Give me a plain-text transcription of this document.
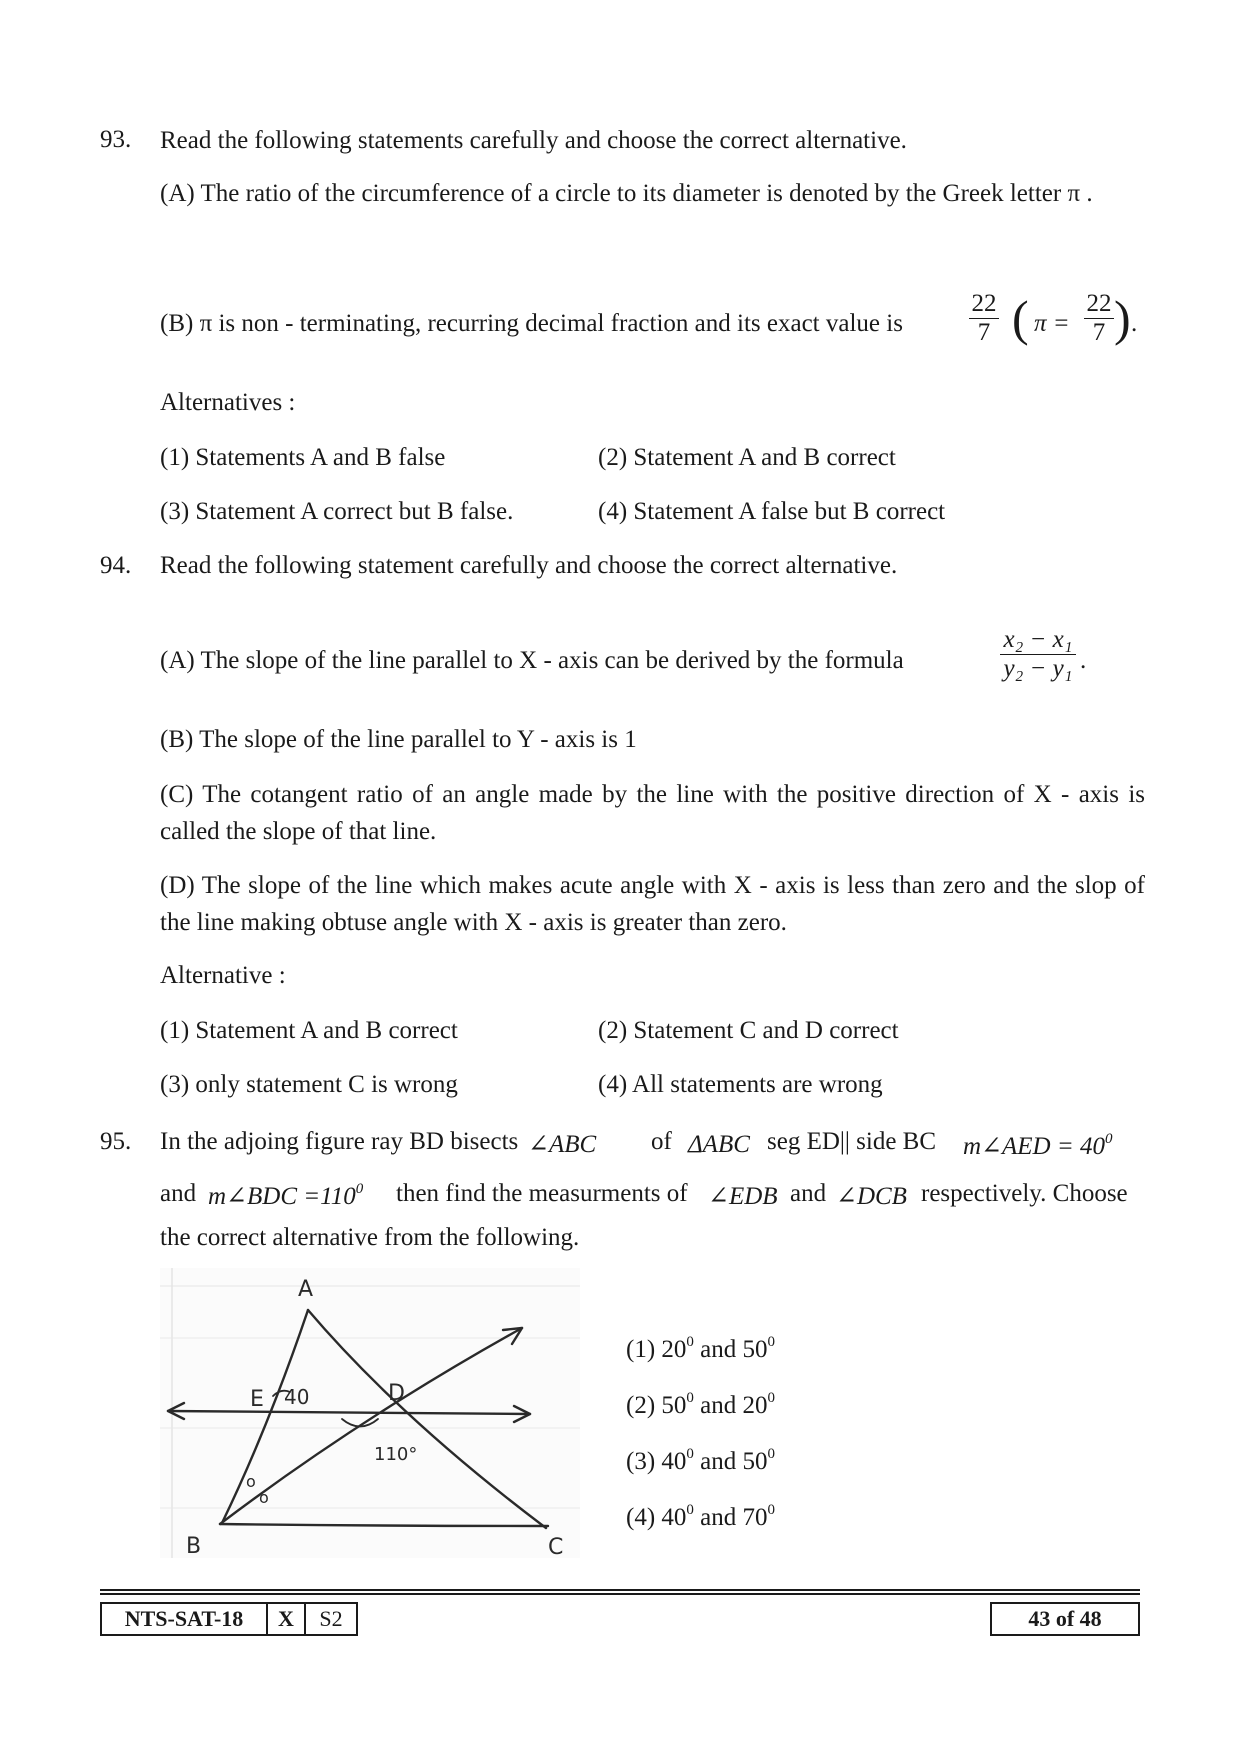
93. Read the following statements carefully and choose the correct alternative.
(A) The ratio of the circumference of a circle to its diameter is denoted by the Greek letter π .
(B) π is non - terminating, recurring decimal fraction and its exact value is	$\frac{22}{7}$ ( $\pi = \frac{22}{7}$ ) .
Alternatives :
(1) Statements A and B false	(2) Statement A and B correct
(3) Statement A correct but B false.	(4) Statement A false but B correct
94. Read the following statement carefully and choose the correct alternative.
(A) The slope of the line parallel to X - axis can be derived by the formula	$\frac{\text{x₂ − x₁}}{\text{y₂ − y₁}}$ .
(B) The slope of the line parallel to Y - axis is 1
(C) The cotangent ratio of an angle made by the line with the positive direction of X - axis is called the slope of that line.
(D) The slope of the line which makes acute angle with X - axis is less than zero and the slop of the line making obtuse angle with X - axis is greater than zero.
Alternative :
(1) Statement A and B correct	(2) Statement C and D correct
(3) only statement C is wrong	(4) All statements are wrong
95. In the adjoing figure ray BD bisects ∠ABC of ΔABC seg ED|| side BC m∠AED = $40^0$
and m∠BDC $=110^0$ then find the measurments of ∠EDB and ∠DCB respectively. Choose
the correct alternative from the following.
A
E 40	D
110°
o
o
B	C
(1) $20^0$ and $50^0$
(2) $50^0$ and $20^0$
(3) $40^0$ and $50^0$
(4) $40^0$ and $70^0$
NTS-SAT-18	X	S2	43 of 48
